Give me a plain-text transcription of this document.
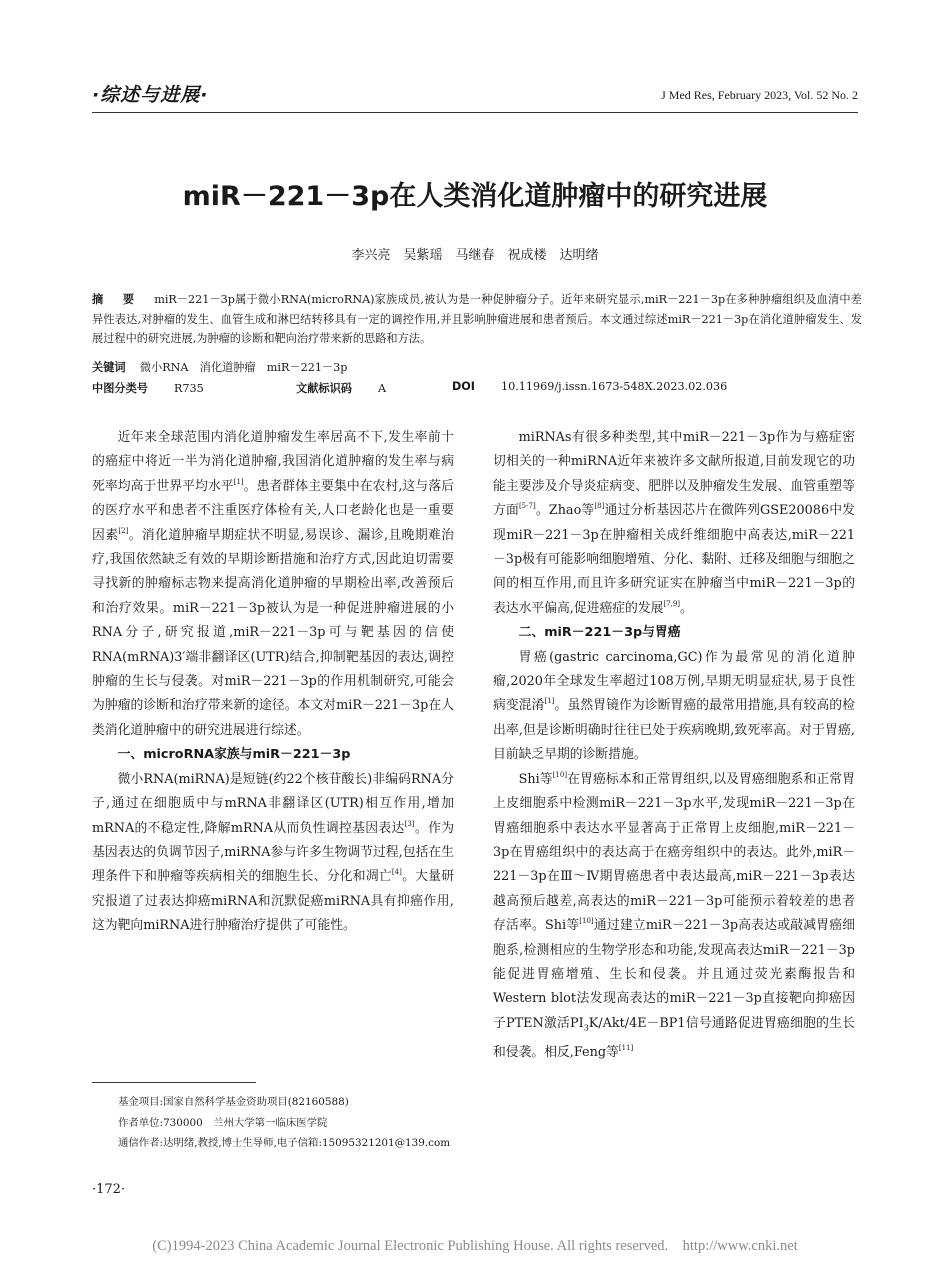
·综述与进展·	J Med Res, February 2023, Vol. 52 No. 2
miR－221－3p在人类消化道肿瘤中的研究进展
李兴亮　吴紫瑶　马继春　祝成楼　达明绪
摘　要 miR－221－3p属于微小RNA(microRNA)家族成员,被认为是一种促肿瘤分子。近年来研究显示,miR－221－3p在多种肿瘤组织及血清中差异性表达,对肿瘤的发生、血管生成和淋巴结转移具有一定的调控作用,并且影响肿瘤进展和患者预后。本文通过综述miR－221－3p在消化道肿瘤发生、发展过程中的研究进展,为肿瘤的诊断和靶向治疗带来新的思路和方法。
关键词 微小RNA　消化道肿瘤　miR－221－3p
中图分类号 R735	文献标识码 A	DOI 10.11969/j.issn.1673-548X.2023.02.036

近年来全球范围内消化道肿瘤发生率居高不下,发生率前十的癌症中将近一半为消化道肿瘤,我国消化道肿瘤的发生率与病死率均高于世界平均水平[1]。患者群体主要集中在农村,这与落后的医疗水平和患者不注重医疗体检有关,人口老龄化也是一重要因素[2]。消化道肿瘤早期症状不明显,易误诊、漏诊,且晚期难治疗,我国依然缺乏有效的早期诊断措施和治疗方式,因此迫切需要寻找新的肿瘤标志物来提高消化道肿瘤的早期检出率,改善预后和治疗效果。miR－221－3p被认为是一种促进肿瘤进展的小RNA分子,研究报道,miR－221－3p可与靶基因的信使RNA(mRNA)3′端非翻译区(UTR)结合,抑制靶基因的表达,调控肿瘤的生长与侵袭。对miR－221－3p的作用机制研究,可能会为肿瘤的诊断和治疗带来新的途径。本文对miR－221－3p在人类消化道肿瘤中的研究进展进行综述。

一、microRNA家族与miR－221－3p

微小RNA(miRNA)是短链(约22个核苷酸长)非编码RNA分子,通过在细胞质中与mRNA非翻译区(UTR)相互作用,增加mRNA的不稳定性,降解mRNA从而负性调控基因表达[3]。作为基因表达的负调节因子,miRNA参与许多生物调节过程,包括在生理条件下和肿瘤等疾病相关的细胞生长、分化和凋亡[4]。大量研究报道了过表达抑癌miRNA和沉默促癌miRNA具有抑癌作用,这为靶向miRNA进行肿瘤治疗提供了可能性。

基金项目:国家自然科学基金资助项目(82160588)
作者单位:730000　兰州大学第一临床医学院
通信作者:达明绪,教授,博士生导师,电子信箱:15095321201@139.com
·172·

miRNAs有很多种类型,其中miR－221－3p作为与癌症密切相关的一种miRNA近年来被许多文献所报道,目前发现它的功能主要涉及介导炎症病变、肥胖以及肿瘤发生发展、血管重塑等方面[5-7]。Zhao等[8]通过分析基因芯片在微阵列GSE20086中发现miR－221－3p在肿瘤相关成纤维细胞中高表达,miR－221－3p极有可能影响细胞增殖、分化、黏附、迁移及细胞与细胞之间的相互作用,而且许多研究证实在肿瘤当中miR－221－3p的表达水平偏高,促进癌症的发展[7,9]。

二、miR－221－3p与胃癌

胃癌(gastric carcinoma,GC)作为最常见的消化道肿瘤,2020年全球发生率超过108万例,早期无明显症状,易于良性病变混淆[1]。虽然胃镜作为诊断胃癌的最常用措施,具有较高的检出率,但是诊断明确时往往已处于疾病晚期,致死率高。对于胃癌,目前缺乏早期的诊断措施。

Shi等[10]在胃癌标本和正常胃组织,以及胃癌细胞系和正常胃上皮细胞系中检测miR－221－3p水平,发现miR－221－3p在胃癌细胞系中表达水平显著高于正常胃上皮细胞,miR－221－3p在胃癌组织中的表达高于在癌旁组织中的表达。此外,miR－221－3p在Ⅲ～Ⅳ期胃癌患者中表达最高,miR－221－3p表达越高预后越差,高表达的miR－221－3p可能预示着较差的患者存活率。Shi等[10]通过建立miR－221－3p高表达或敲减胃癌细胞系,检测相应的生物学形态和功能,发现高表达miR－221－3p能促进胃癌增殖、生长和侵袭。并且通过荧光素酶报告和Western blot法发现高表达的miR－221－3p直接靶向抑癌因子PTEN激活$PI_3K/Akt/4E-BP1$信号通路促进胃癌细胞的生长和侵袭。相反,Feng等[11]

(C)1994-2023 China Academic Journal Electronic Publishing House. All rights reserved.　http://www.cnki.net
